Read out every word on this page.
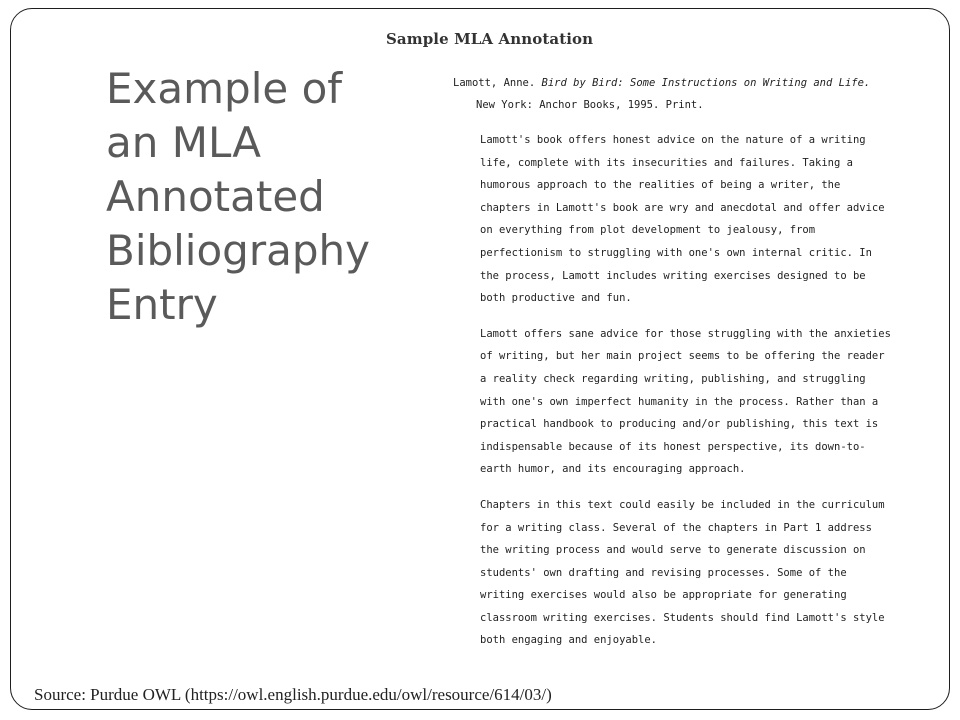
Example of
an MLA
Annotated
Bibliography
Entry
Sample MLA Annotation

Lamott, Anne. Bird by Bird: Some Instructions on Writing and Life.
New York: Anchor Books, 1995. Print.

Lamott's book offers honest advice on the nature of a writing
life, complete with its insecurities and failures. Taking a
humorous approach to the realities of being a writer, the
chapters in Lamott's book are wry and anecdotal and offer advice
on everything from plot development to jealousy, from
perfectionism to struggling with one's own internal critic. In
the process, Lamott includes writing exercises designed to be
both productive and fun.
Lamott offers sane advice for those struggling with the anxieties
of writing, but her main project seems to be offering the reader
a reality check regarding writing, publishing, and struggling
with one's own imperfect humanity in the process. Rather than a
practical handbook to producing and/or publishing, this text is
indispensable because of its honest perspective, its down-to-
earth humor, and its encouraging approach.
Chapters in this text could easily be included in the curriculum
for a writing class. Several of the chapters in Part 1 address
the writing process and would serve to generate discussion on
students' own drafting and revising processes. Some of the
writing exercises would also be appropriate for generating
classroom writing exercises. Students should find Lamott's style
both engaging and enjoyable.
Source: Purdue OWL (https://owl.english.purdue.edu/owl/resource/614/03/)
